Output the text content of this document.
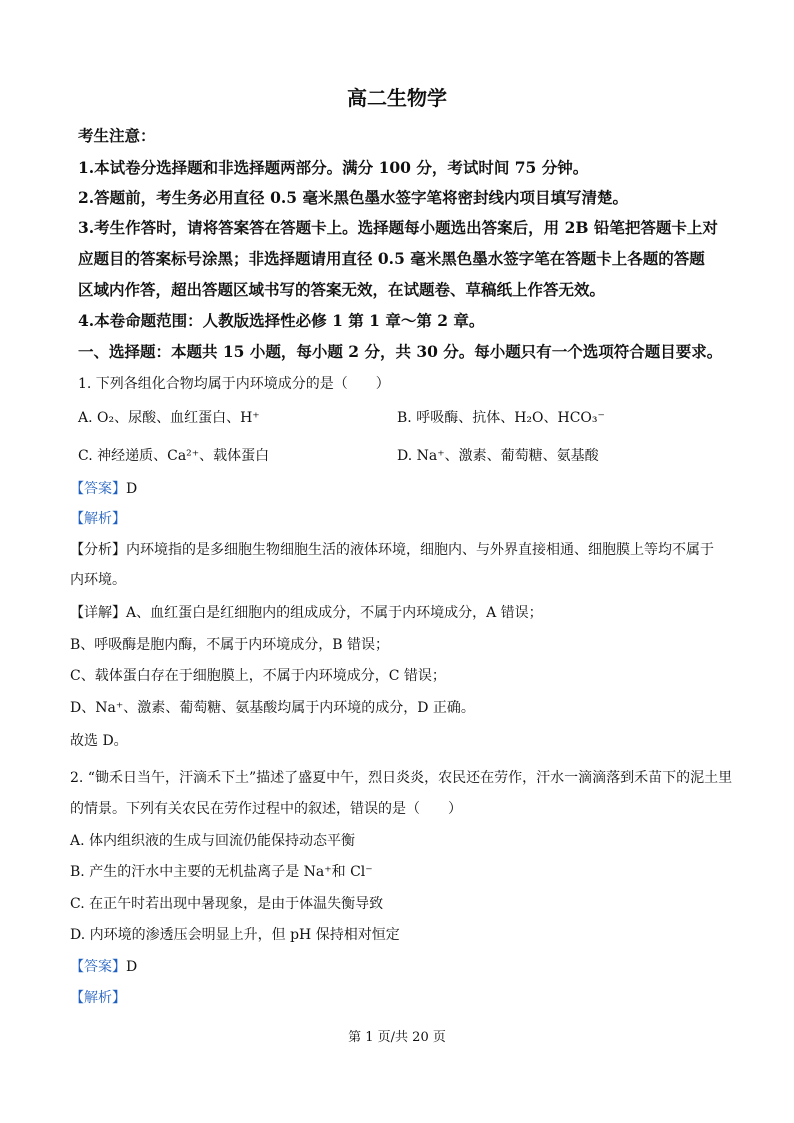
高二生物学
考生注意：
1.本试卷分选择题和非选择题两部分。满分 100 分，考试时间 75 分钟。
2.答题前，考生务必用直径 0.5 毫米黑色墨水签字笔将密封线内项目填写清楚。
3.考生作答时，请将答案答在答题卡上。选择题每小题选出答案后，用 2B 铅笔把答题卡上对
应题目的答案标号涂黑；非选择题请用直径 0.5 毫米黑色墨水签字笔在答题卡上各题的答题
区域内作答，超出答题区域书写的答案无效，在试题卷、草稿纸上作答无效。
4.本卷命题范围：人教版选择性必修 1 第 1 章～第 2 章。
一、选择题：本题共 15 小题，每小题 2 分，共 30 分。每小题只有一个选项符合题目要求。
1. 下列各组化合物均属于内环境成分的是（　　）
A. O₂、尿酸、血红蛋白、H⁺	B. 呼吸酶、抗体、H₂O、HCO₃⁻
C. 神经递质、Ca²⁺、载体蛋白	D. Na⁺、激素、葡萄糖、氨基酸
【答案】D
【解析】
【分析】内环境指的是多细胞生物细胞生活的液体环境，细胞内、与外界直接相通、细胞膜上等均不属于
内环境。
【详解】A、血红蛋白是红细胞内的组成成分，不属于内环境成分，A 错误；
B、呼吸酶是胞内酶，不属于内环境成分，B 错误；
C、载体蛋白存在于细胞膜上，不属于内环境成分，C 错误；
D、Na⁺、激素、葡萄糖、氨基酸均属于内环境的成分，D 正确。
故选 D。
2. “锄禾日当午，汗滴禾下土”描述了盛夏中午，烈日炎炎，农民还在劳作，汗水一滴滴落到禾苗下的泥土里
的情景。下列有关农民在劳作过程中的叙述，错误的是（　　）
A. 体内组织液的生成与回流仍能保持动态平衡
B. 产生的汗水中主要的无机盐离子是 Na⁺和 Cl⁻
C. 在正午时若出现中暑现象，是由于体温失衡导致
D. 内环境的渗透压会明显上升，但 pH 保持相对恒定
【答案】D
【解析】
第 1 页/共 20 页
